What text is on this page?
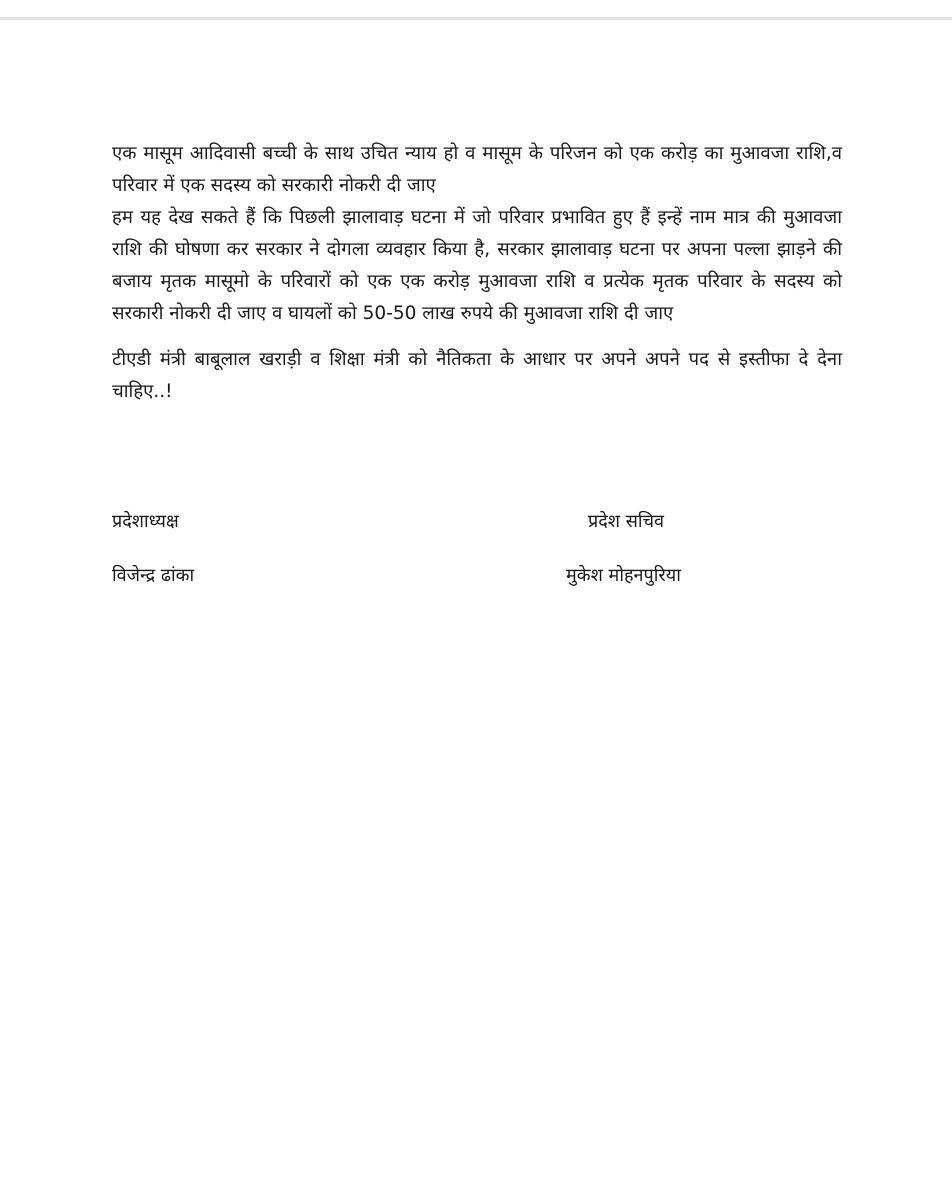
एक मासूम आदिवासी बच्ची के साथ उचित न्याय हो व मासूम के परिजन को एक करोड़ का मुआवजा राशि,व परिवार में एक सदस्य को सरकारी नोकरी दी जाए

हम यह देख सकते हैं कि पिछली झालावाड़ घटना में जो परिवार प्रभावित हुए हैं इन्हें नाम मात्र की मुआवजा राशि की घोषणा कर सरकार ने दोगला व्यवहार किया है, सरकार झालावाड़ घटना पर अपना पल्ला झाड़ने की बजाय मृतक मासूमो के परिवारों को एक एक करोड़ मुआवजा राशि व प्रत्येक मृतक परिवार के सदस्य को सरकारी नोकरी दी जाए व घायलों को 50-50 लाख रुपये की मुआवजा राशि दी जाए

टीएडी मंत्री बाबूलाल खराड़ी व शिक्षा मंत्री को नैतिकता के आधार पर अपने अपने पद से इस्तीफा दे देना चाहिए..!

प्रदेशाध्यक्ष	प्रदेश सचिव
विजेन्द्र ढांका	मुकेश मोहनपुरिया
